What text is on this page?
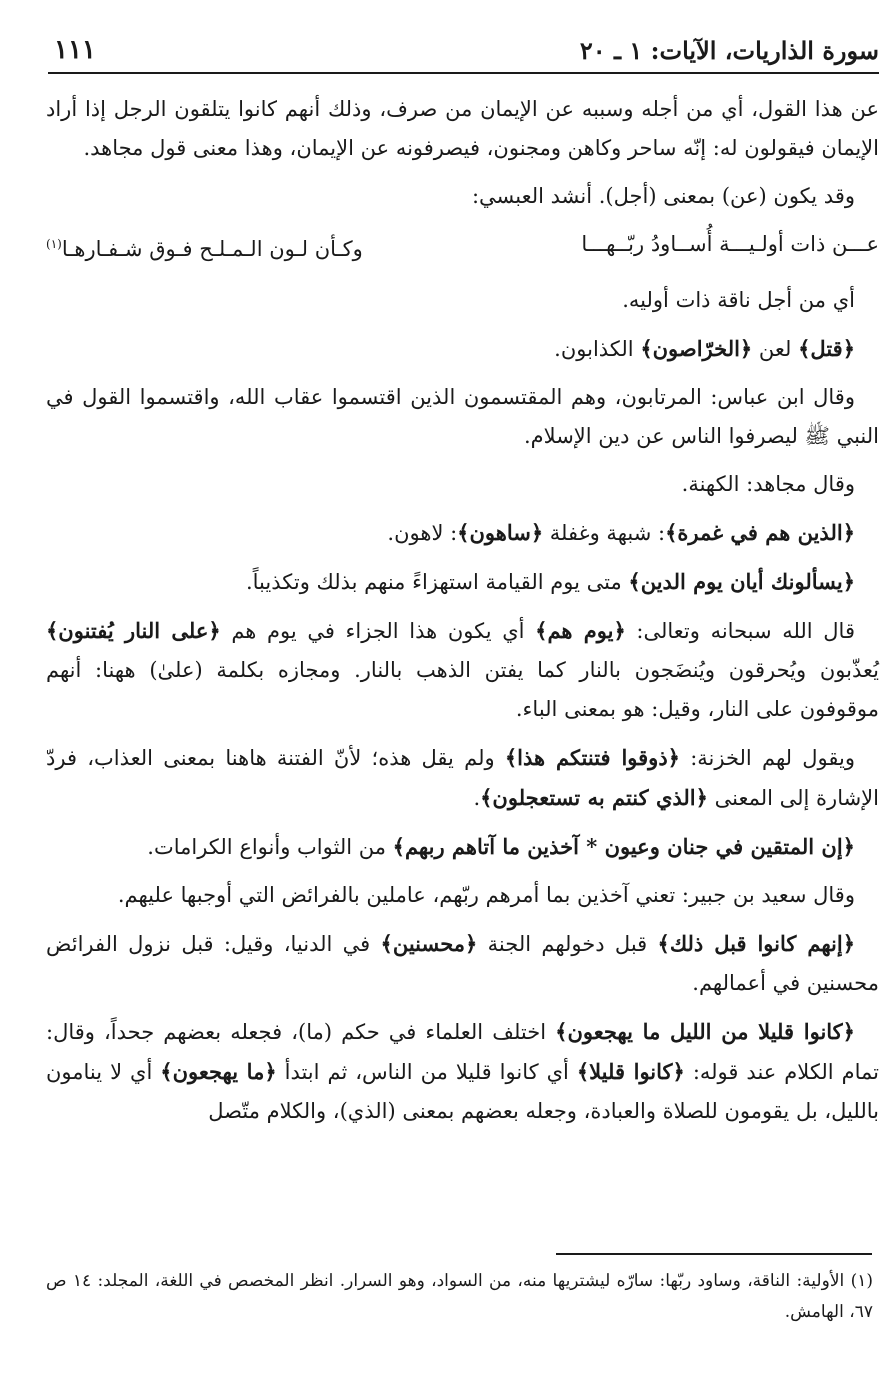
سورة الذاريات، الآيات: ١ ـ ٢٠
١١١

عن هذا القول، أي من أجله وسببه عن الإيمان من صرف، وذلك أنهم كانوا يتلقون الرجل إذا أراد الإيمان فيقولون له: إنّه ساحر وكاهن ومجنون، فيصرفونه عن الإيمان، وهذا معنى قول مجاهد.

وقد يكون (عن) بمعنى (أجل). أنشد العبسي:

عـــن ذات أولـيـــة أُســاودُ ربّــهـــا
وكـأن لـون الـمـلـح فـوق شـفـارهـا$^{(١)}$

أي من أجل ناقة ذات أوليه.

﴿قتل﴾ لعن ﴿الخرّاصون﴾ الكذابون.

وقال ابن عباس: المرتابون، وهم المقتسمون الذين اقتسموا عقاب الله، واقتسموا القول في النبي ﷺ ليصرفوا الناس عن دين الإسلام.

وقال مجاهد: الكهنة.

﴿الذين هم في غمرة﴾: شبهة وغفلة ﴿ساهون﴾: لاهون.

﴿يسألونك أيان يوم الدين﴾ متى يوم القيامة استهزاءً منهم بذلك وتكذيباً.

قال الله سبحانه وتعالى: ﴿يوم هم﴾ أي يكون هذا الجزاء في يوم هم ﴿على النار يُفتنون﴾ يُعذّبون ويُحرقون ويُنضَجون بالنار كما يفتن الذهب بالنار. ومجازه بكلمة (علىٰ) ههنا: أنهم موقوفون على النار، وقيل: هو بمعنى الباء.

ويقول لهم الخزنة: ﴿ذوقوا فتنتكم هذا﴾ ولم يقل هذه؛ لأنّ الفتنة هاهنا بمعنى العذاب، فردّ الإشارة إلى المعنى ﴿الذي كنتم به تستعجلون﴾.

﴿إن المتقين في جنان وعيون * آخذين ما آتاهم ربهم﴾ من الثواب وأنواع الكرامات.

وقال سعيد بن جبير: تعني آخذين بما أمرهم ربّهم، عاملين بالفرائض التي أوجبها عليهم.

﴿إنهم كانوا قبل ذلك﴾ قبل دخولهم الجنة ﴿محسنين﴾ في الدنيا، وقيل: قبل نزول الفرائض محسنين في أعمالهم.

﴿كانوا قليلا من الليل ما يهجعون﴾ اختلف العلماء في حكم (ما)، فجعله بعضهم جحداً، وقال: تمام الكلام عند قوله: ﴿كانوا قليلا﴾ أي كانوا قليلا من الناس، ثم ابتدأ ﴿ما يهجعون﴾ أي لا ينامون بالليل، بل يقومون للصلاة والعبادة، وجعله بعضهم بمعنى (الذي)، والكلام متّصل

(١) الأولية: الناقة، وساود ربّها: سارّه ليشتريها منه، من السواد، وهو السرار. انظر المخصص في اللغة، المجلد: ١٤ ص ٦٧، الهامش.
